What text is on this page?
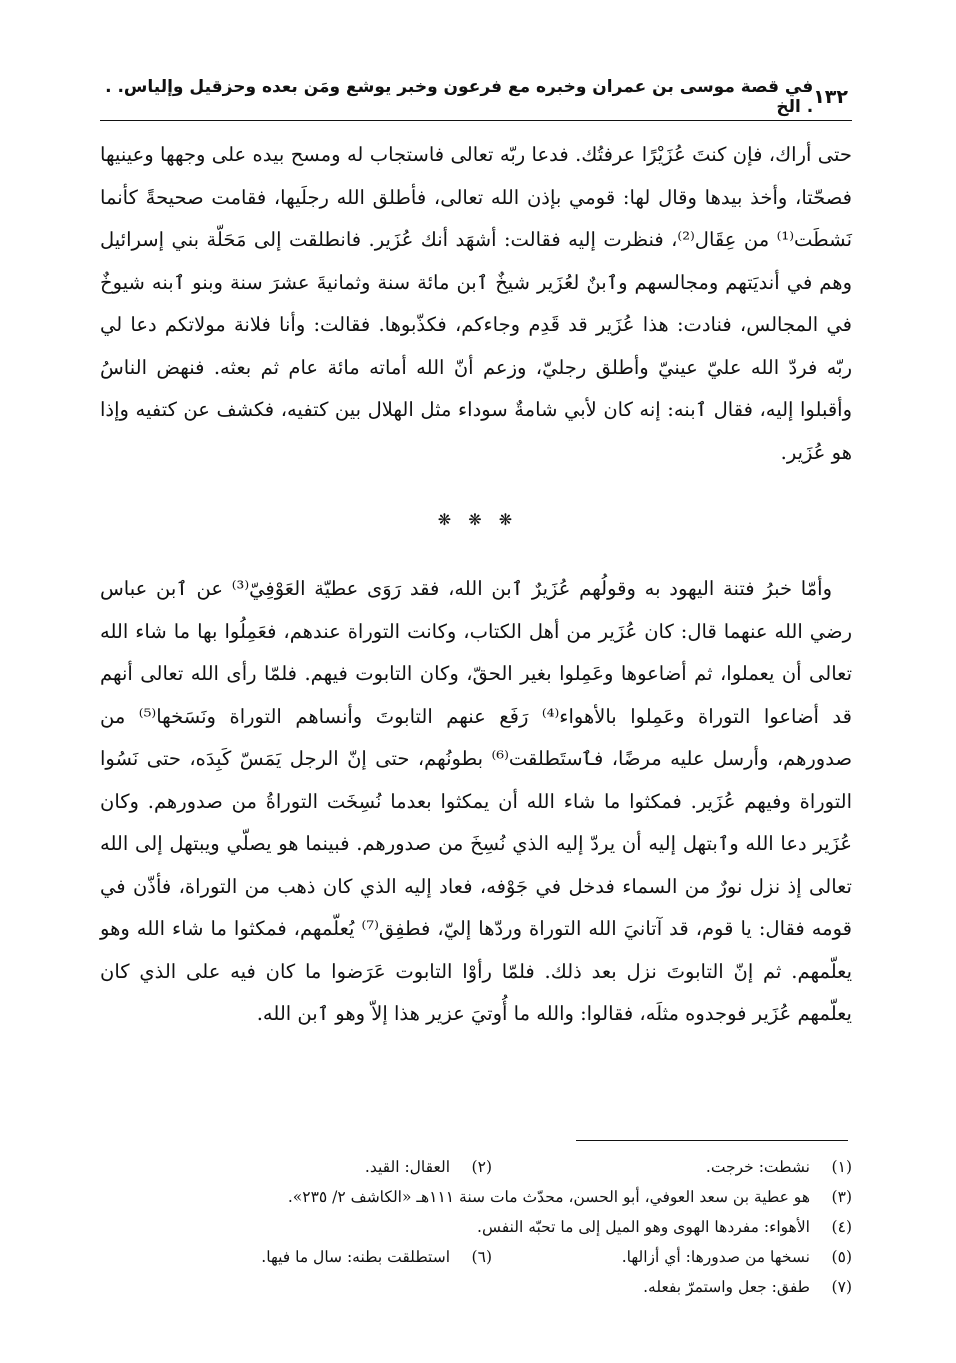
١٣٢
في قصة موسى بن عمران وخبره مع فرعون وخبر يوشع ومَن بعده وحزقيل وإلياس. . . الخ

حتى أراك، فإن كنتَ عُزَيْرًا عرفتُك. فدعا ربّه تعالى فاستجاب له ومسح بيده على وجهها وعينيها فصحّتا، وأخذ بيدها وقال لها: قومي بإذن الله تعالى، فأطلق الله رجلَيها، فقامت صحيحةً كأنما نَشطَت⁽¹⁾ من عِقَال⁽²⁾، فنظرت إليه فقالت: أشهَد أنك عُزَير. فانطلقت إلى مَحَلّة بني إسرائيل وهم في أنديَتهم ومجالسهم وٱبنٌ لعُزَير شيخٌ ٱبن مائة سنة وثمانيةَ عشرَ سنة وبنو ٱبنه شيوخٌ في المجالس، فنادت: هذا عُزَير قد قَدِم وجاءكم، فكذّبوها. فقالت: وأنا فلانة مولاتكم دعا لي ربّه فردّ الله عليّ عينيّ وأطلق رجليّ، وزعم أنّ الله أماته مائة عام ثم بعثه. فنهض الناسُ وأقبلوا إليه، فقال ٱبنه: إنه كان لأبي شامةٌ سوداء مثل الهلال بين كتفيه، فكشف عن كتفيه وإذا هو عُزَير.

❋ ❋ ❋

وأمّا خبرُ فتنة اليهود به وقولُهم عُزَيرٌ ٱبن الله، فقد رَوَى عطيّة العَوْفِيّ⁽³⁾ عن ٱبن عباس رضي الله عنهما قال: كان عُزَير من أهل الكتاب، وكانت التوراة عندهم، فعَمِلُوا بها ما شاء الله تعالى أن يعملوا، ثم أضاعوها وعَمِلوا بغير الحقّ، وكان التابوت فيهم. فلمّا رأى الله تعالى أنهم قد أضاعوا التوراة وعَمِلوا بالأهواء⁽⁴⁾ رَفَع عنهم التابوتَ وأنساهم التوراة ونَسَخها⁽⁵⁾ من صدورهم، وأرسل عليه مرضًا، فٱستَطلقت⁽⁶⁾ بطونُهم، حتى إنّ الرجل يَمَسّ كَبِدَه، حتى نَسُوا التوراة وفيهم عُزَير. فمكثوا ما شاء الله أن يمكثوا بعدما نُسِخَت التوراةُ من صدورهم. وكان عُزَير دعا الله وٱبتهل إليه أن يردّ إليه الذي نُسِخَ من صدورهم. فبينما هو يصلّي ويبتهل إلى الله تعالى إذ نزل نورٌ من السماء فدخل في جَوْفه، فعاد إليه الذي كان ذهب من التوراة، فأذّن في قومه فقال: يا قوم، قد آتانيَ الله التوراة وردّها إليّ، فطفِق⁽⁷⁾ يُعلّمهم، فمكثوا ما شاء الله وهو يعلّمهم. ثم إنّ التابوتَ نزل بعد ذلك. فلمّا رأوْا التابوت عَرَضوا ما كان فيه على الذي كان يعلّمهم عُزَير فوجدوه مثلَه، فقالوا: والله ما أُوتيَ عزير هذا إلاّ وهو ٱبن الله.

(١)
نشطت: خرجت.
(٢)
العقال: القيد.
(٣)
هو عطية بن سعد العوفي، أبو الحسن، محدّث مات سنة ١١١هـ «الكاشف ٢/ ٢٣٥».
(٤)
الأهواء: مفردها الهوى وهو الميل إلى ما تحبّه النفس.
(٥)
نسخها من صدورها: أي أزالها.
(٦)
استطلقت بطنه: سال ما فيها.
(٧)
طفق: جعل واستمرّ بفعله.
